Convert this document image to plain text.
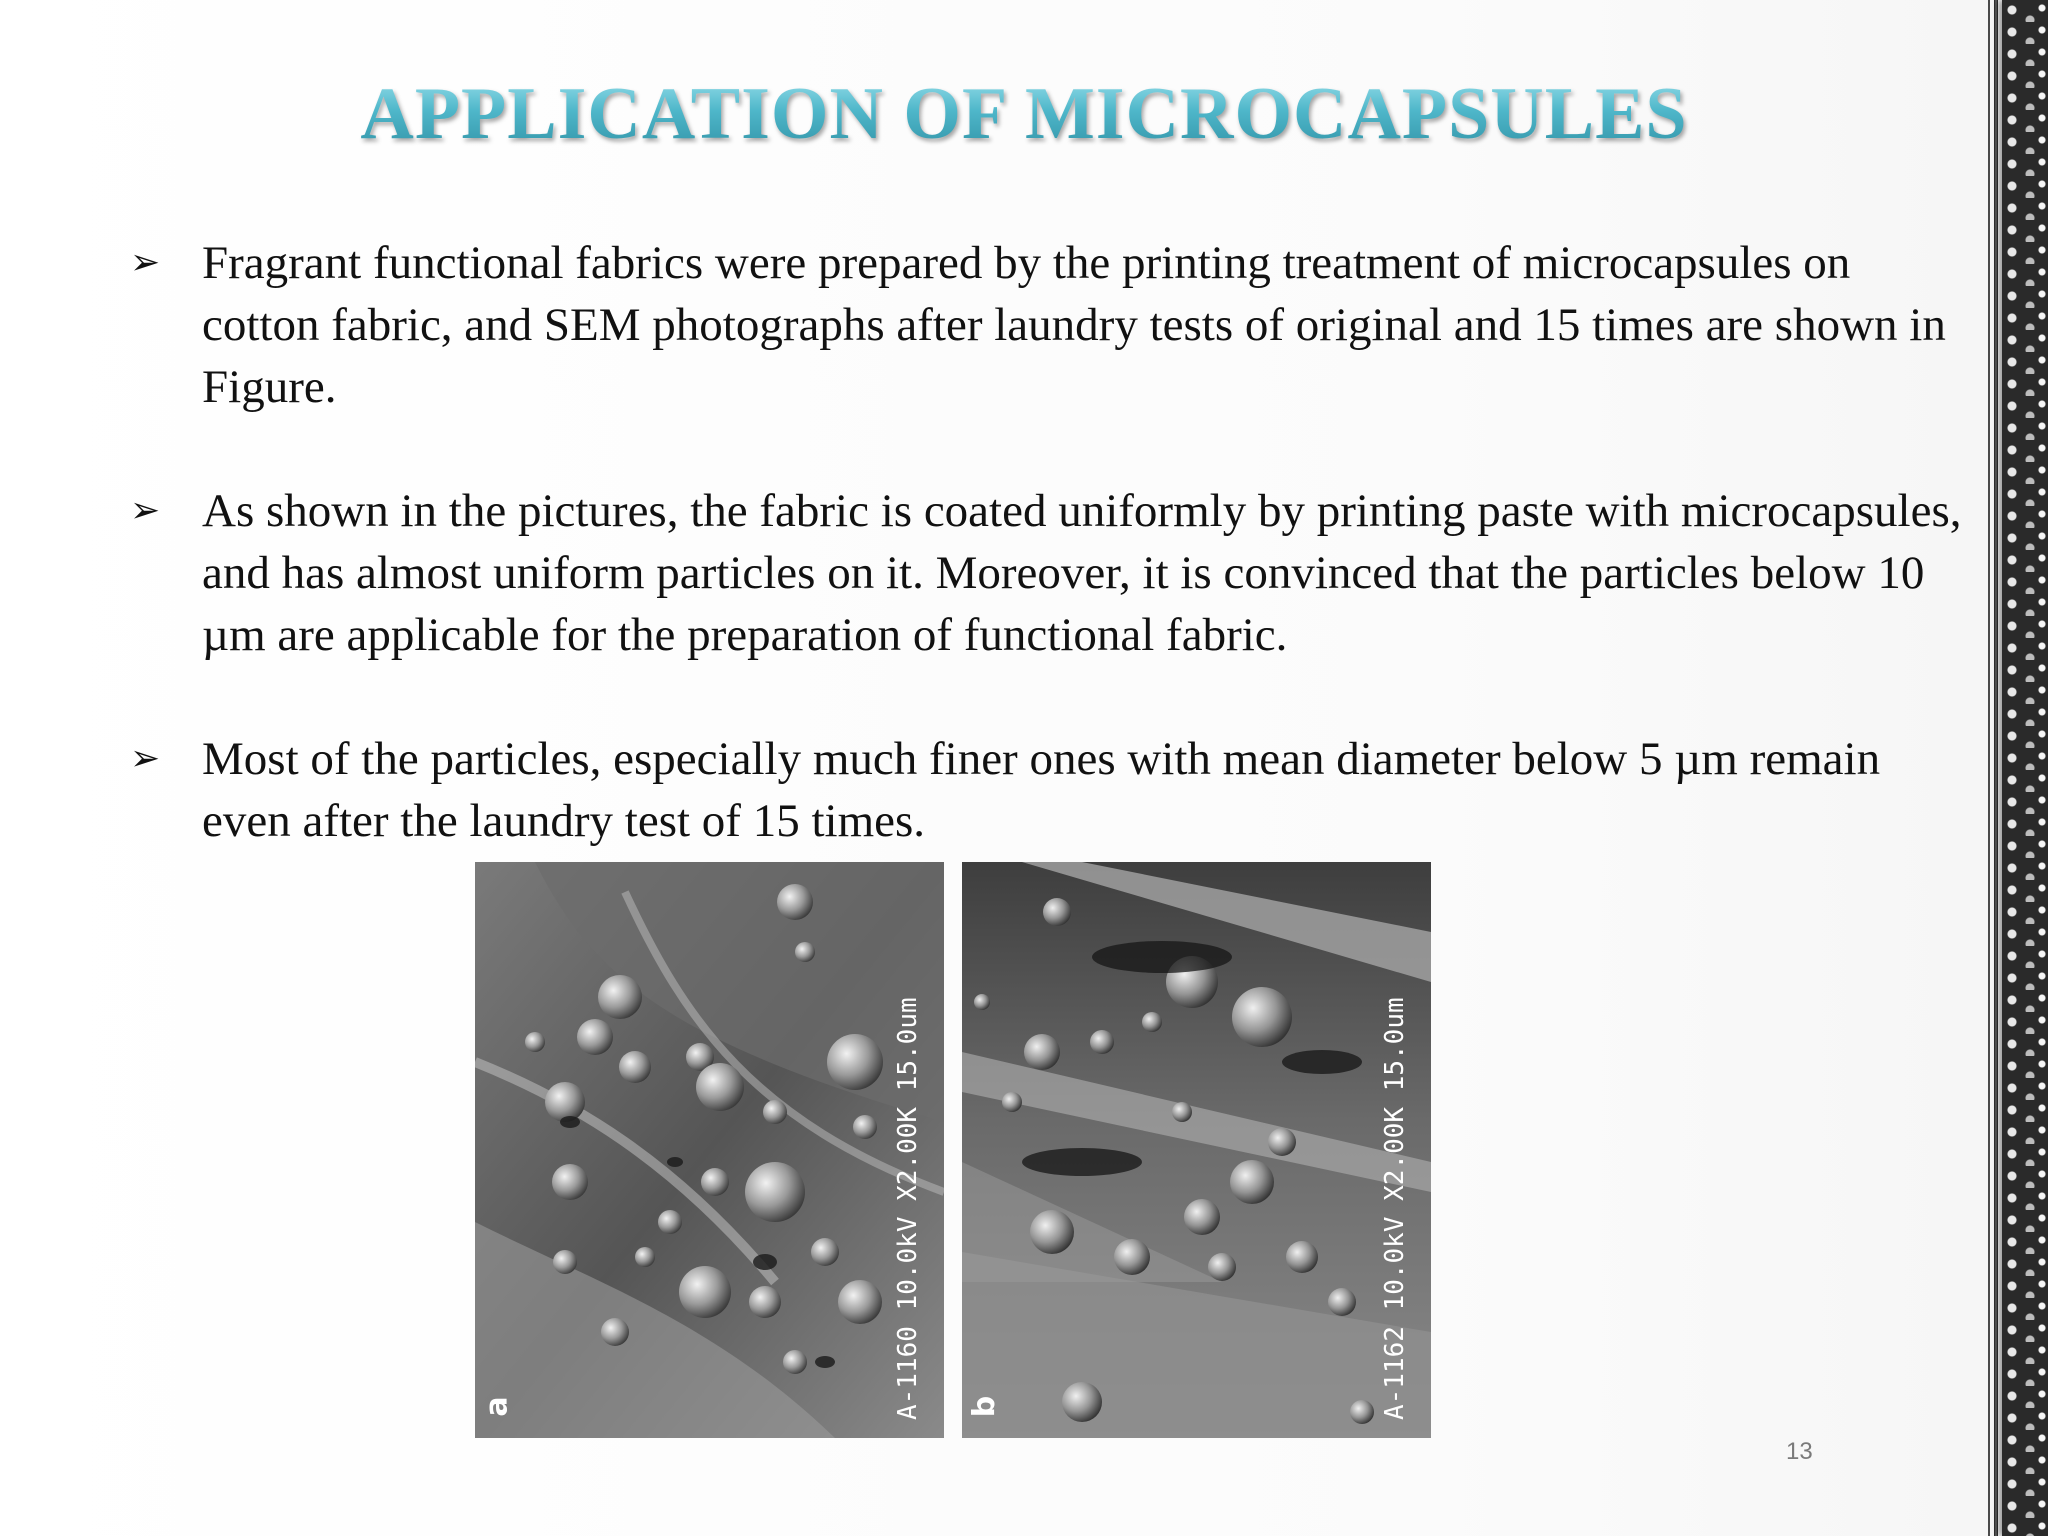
APPLICATION OF MICROCAPSULES
➢ Fragrant functional fabrics were prepared by the printing treatment of microcapsules on cotton fabric, and SEM photographs after laundry tests of original and 15 times are shown in Figure.
➢ As shown in the pictures, the fabric is coated uniformly by printing paste with microcapsules, and has almost uniform particles on it. Moreover, it is convinced that the particles below 10 µm are applicable for the preparation of functional fabric.
➢ Most of the particles, especially much finer ones with mean diameter below 5 µm remain even after the laundry test of 15 times.
a	A-1160 10.0kV X2.00K 15.0um b	A-1162 10.0kV X2.00K 15.0um
13
